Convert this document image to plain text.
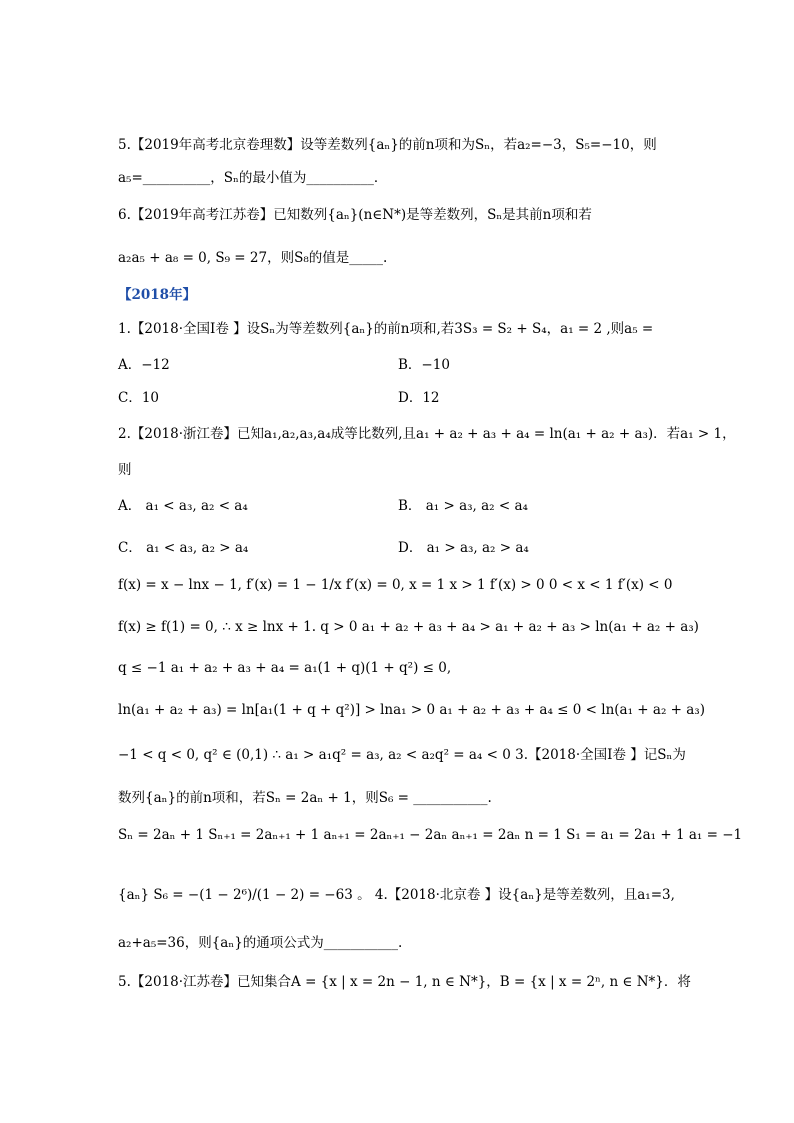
5.【2019年高考北京卷理数】设等差数列{aₙ}的前n项和为Sₙ，若a₂=−3，S₅=−10，则
a₅=__________，Sₙ的最小值为__________．
6.【2019年高考江苏卷】已知数列{aₙ}(n∈N*)是等差数列，Sₙ是其前n项和若
a₂a₅ + a₈ = 0, S₉ = 27，则S₈的值是_____.
【2018年】
1.【2018·全国Ⅰ卷 】设Sₙ为等差数列{aₙ}的前n项和,若3S₃ = S₂ + S₄，a₁ = 2 ,则a₅ =
A．−12	B．−10
C．10	D．12
2.【2018·浙江卷】已知a₁,a₂,a₃,a₄成等比数列,且a₁ + a₂ + a₃ + a₄ = ln(a₁ + a₂ + a₃)．若a₁ > 1，
则
A． a₁ < a₃, a₂ < a₄	B． a₁ > a₃, a₂ < a₄
C． a₁ < a₃, a₂ > a₄	D． a₁ > a₃, a₂ > a₄
f(x) = x − lnx − 1, f′(x) = 1 − 1/x f′(x) = 0, x = 1 x > 1 f′(x) > 0 0 < x < 1 f′(x) < 0
f(x) ≥ f(1) = 0, ∴ x ≥ lnx + 1. q > 0 a₁ + a₂ + a₃ + a₄ > a₁ + a₂ + a₃ > ln(a₁ + a₂ + a₃)
q ≤ −1 a₁ + a₂ + a₃ + a₄ = a₁(1 + q)(1 + q²) ≤ 0,
ln(a₁ + a₂ + a₃) = ln[a₁(1 + q + q²)] > lna₁ > 0 a₁ + a₂ + a₃ + a₄ ≤ 0 < ln(a₁ + a₂ + a₃)
−1 < q < 0, q² ∈ (0,1) ∴ a₁ > a₁q² = a₃, a₂ < a₂q² = a₄ < 0 3.【2018·全国Ⅰ卷 】记Sₙ为
数列{aₙ}的前n项和，若Sₙ = 2aₙ + 1，则S₆ = ___________.
Sₙ = 2aₙ + 1 Sₙ₊₁ = 2aₙ₊₁ + 1 aₙ₊₁ = 2aₙ₊₁ − 2aₙ aₙ₊₁ = 2aₙ n = 1 S₁ = a₁ = 2a₁ + 1 a₁ = −1
{aₙ} S₆ = −(1 − 2⁶)/(1 − 2) = −63 。 4.【2018·北京卷 】设{aₙ}是等差数列，且a₁=3,
a₂+a₅=36，则{aₙ}的通项公式为___________.
5.【2018·江苏卷】已知集合A = {x | x = 2n − 1, n ∈ N*}，B = {x | x = 2ⁿ, n ∈ N*}．将
